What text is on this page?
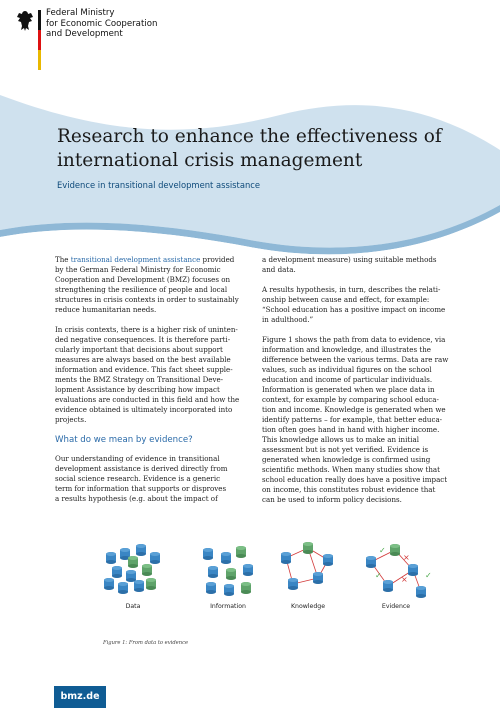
Federal Ministry
for Economic Cooperation
and Development
Research to enhance the effectiveness of
international crisis management
Evidence in transitional development assistance

The transitional development assistance provided
by the German Federal Ministry for Economic
Cooperation and Development (BMZ) focuses on
strengthening the resilience of people and local
structures in crisis contexts in order to sustainably
reduce humanitarian needs.

In crisis contexts, there is a higher risk of uninten-
ded negative consequences. It is therefore parti-
cularly important that decisions about support
measures are always based on the best available
information and evidence. This fact sheet supple-
ments the BMZ Strategy on Transitional Deve-
lopment Assistance by describing how impact
evaluations are conducted in this field and how the
evidence obtained is ultimately incorporated into
projects.

What do we mean by evidence?

Our understanding of evidence in transitional
development assistance is derived directly from
social science research. Evidence is a generic
term for information that supports or disproves
a results hypothesis (e.g. about the impact of

a development measure) using suitable methods
and data.

A results hypothesis, in turn, describes the relati-
onship between cause and effect, for example:
“School education has a positive impact on income
in adulthood.”

Figure 1 shows the path from data to evidence, via
information and knowledge, and illustrates the
difference between the various terms. Data are raw
values, such as individual figures on the school
education and income of particular individuals.
Information is generated when we place data in
context, for example by comparing school educa-
tion and income. Knowledge is generated when we
identify patterns – for example, that better educa-
tion often goes hand in hand with higher income.
This knowledge allows us to make an initial
assessment but is not yet verified. Evidence is
generated when knowledge is confirmed using
scientific methods. When many studies show that
school education really does have a positive impact
on income, this constitutes robust evidence that
can be used to inform policy decisions.

✓
×
✓ × ✓
Data	Information	Knowledge	Evidence
Figure 1: From data to evidence
bmz.de
